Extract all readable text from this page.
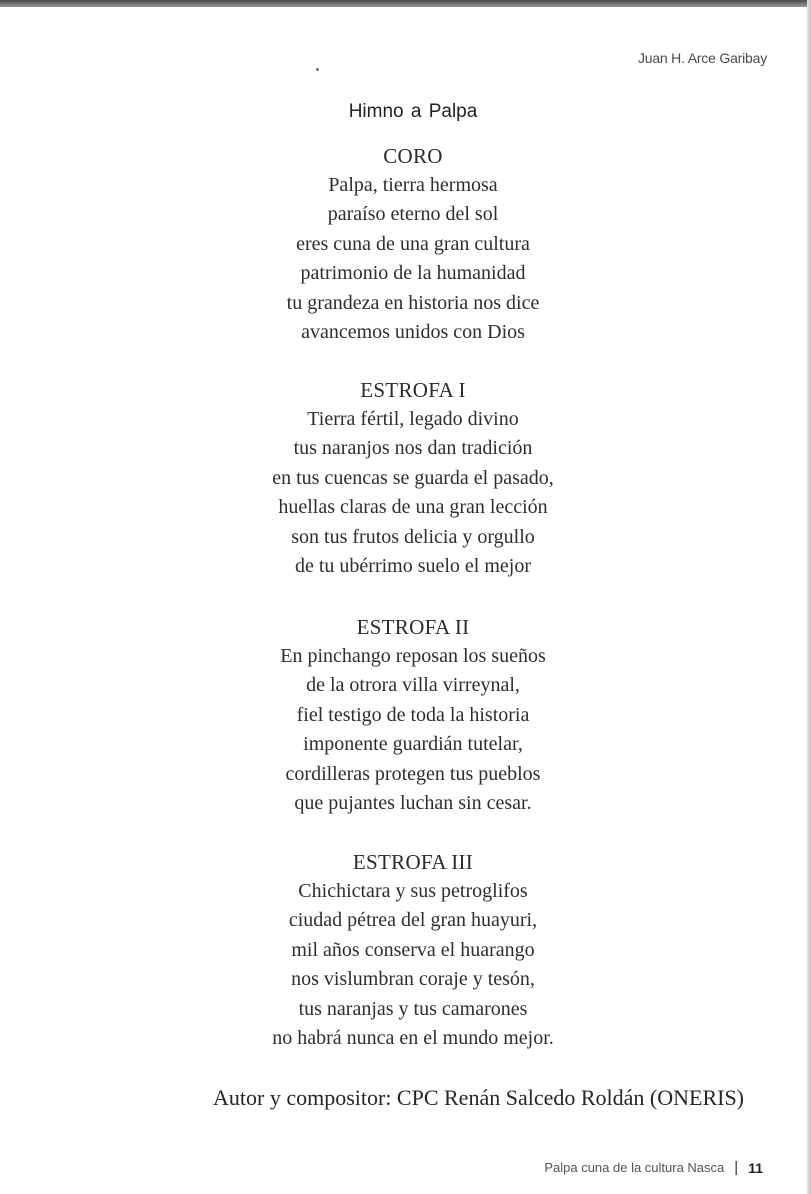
Juan H. Arce Garibay
Himno a Palpa
CORO
Palpa, tierra hermosa
paraíso eterno del sol
eres cuna de una gran cultura
patrimonio de la humanidad
tu grandeza en historia nos dice
avancemos unidos con Dios
ESTROFA I
Tierra fértil, legado divino
tus naranjos nos dan tradición
en tus cuencas se guarda el pasado,
huellas claras de una gran lección
son tus frutos delicia y orgullo
de tu ubérrimo suelo el mejor
ESTROFA II
En pinchango reposan los sueños
de la otrora villa virreynal,
fiel testigo de toda la historia
imponente guardián tutelar,
cordilleras protegen tus pueblos
que pujantes luchan sin cesar.
ESTROFA III
Chichictara y sus petroglifos
ciudad pétrea del gran huayuri,
mil años conserva el huarango
nos vislumbran coraje y tesón,
tus naranjas y tus camarones
no habrá nunca en el mundo mejor.
Autor y compositor: CPC Renán Salcedo Roldán (ONERIS)
Palpa cuna de la cultura Nasca | 11
